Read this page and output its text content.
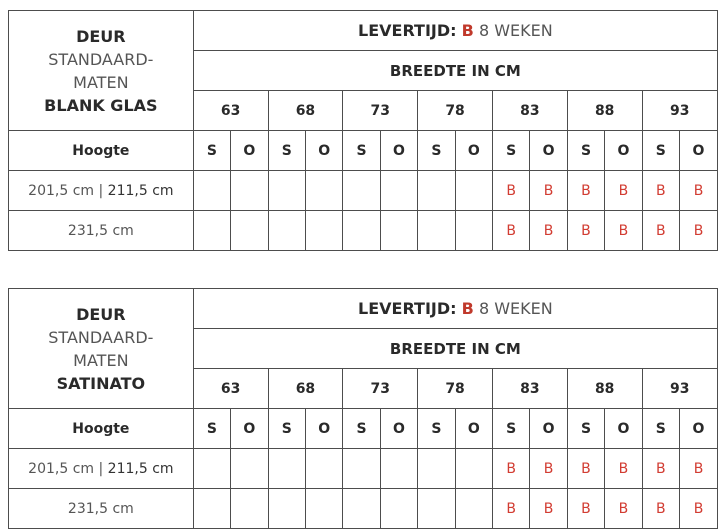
DEUR
STANDAARD-
MATEN
BLANK GLAS	LEVERTIJD: B 8 WEKEN													
	BREEDTE IN CM													
	63		68		73		78		83		88		93	
Hoogte	S	O	S	O	S	O	S	O	S	O	S	O	S	O
201,5 cm | 211,5 cm									B	B	B	B	B	B
231,5 cm									B	B	B	B	B	B
DEUR
STANDAARD-
MATEN
SATINATO	LEVERTIJD: B 8 WEKEN													
	BREEDTE IN CM													
	63		68		73		78		83		88		93	
Hoogte	S	O	S	O	S	O	S	O	S	O	S	O	S	O
201,5 cm | 211,5 cm									B	B	B	B	B	B
231,5 cm									B	B	B	B	B	B
